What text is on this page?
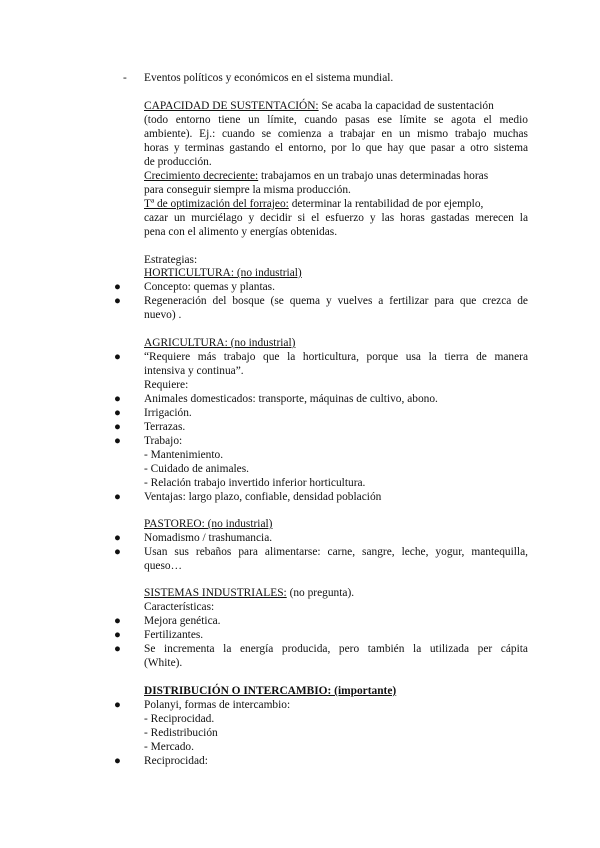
- Eventos políticos y económicos en el sistema mundial.
CAPACIDAD DE SUSTENTACIÓN: Se acaba la capacidad de sustentación
(todo entorno tiene un límite, cuando pasas ese límite se agota el medio
ambiente). Ej.: cuando se comienza a trabajar en un mismo trabajo muchas
horas y terminas gastando el entorno, por lo que hay que pasar a otro sistema
de producción.
Crecimiento decreciente: trabajamos en un trabajo unas determinadas horas
para conseguir siempre la misma producción.
Tª de optimización del forrajeo: determinar la rentabilidad de por ejemplo,
cazar un murciélago y decidir si el esfuerzo y las horas gastadas merecen la
pena con el alimento y energías obtenidas.
Estrategias:
HORTICULTURA: (no industrial)
● Concepto: quemas y plantas.
● Regeneración del bosque (se quema y vuelves a fertilizar para que crezca de
nuevo) .
AGRICULTURA: (no industrial)
● “Requiere más trabajo que la horticultura, porque usa la tierra de manera
intensiva y continua”.
Requiere:
● Animales domesticados: transporte, máquinas de cultivo, abono.
● Irrigación.
● Terrazas.
● Trabajo:
- Mantenimiento.
- Cuidado de animales.
- Relación trabajo invertido inferior horticultura.
● Ventajas: largo plazo, confiable, densidad población
PASTOREO: (no industrial)
● Nomadismo / trashumancia.
● Usan sus rebaños para alimentarse: carne, sangre, leche, yogur, mantequilla,
queso…
SISTEMAS INDUSTRIALES: (no pregunta).
Características:
● Mejora genética.
● Fertilizantes.
● Se incrementa la energía producida, pero también la utilizada per cápita
(White).
DISTRIBUCIÓN O INTERCAMBIO: (importante)
● Polanyi, formas de intercambio:
- Reciprocidad.
- Redistribución
- Mercado.
● Reciprocidad:
